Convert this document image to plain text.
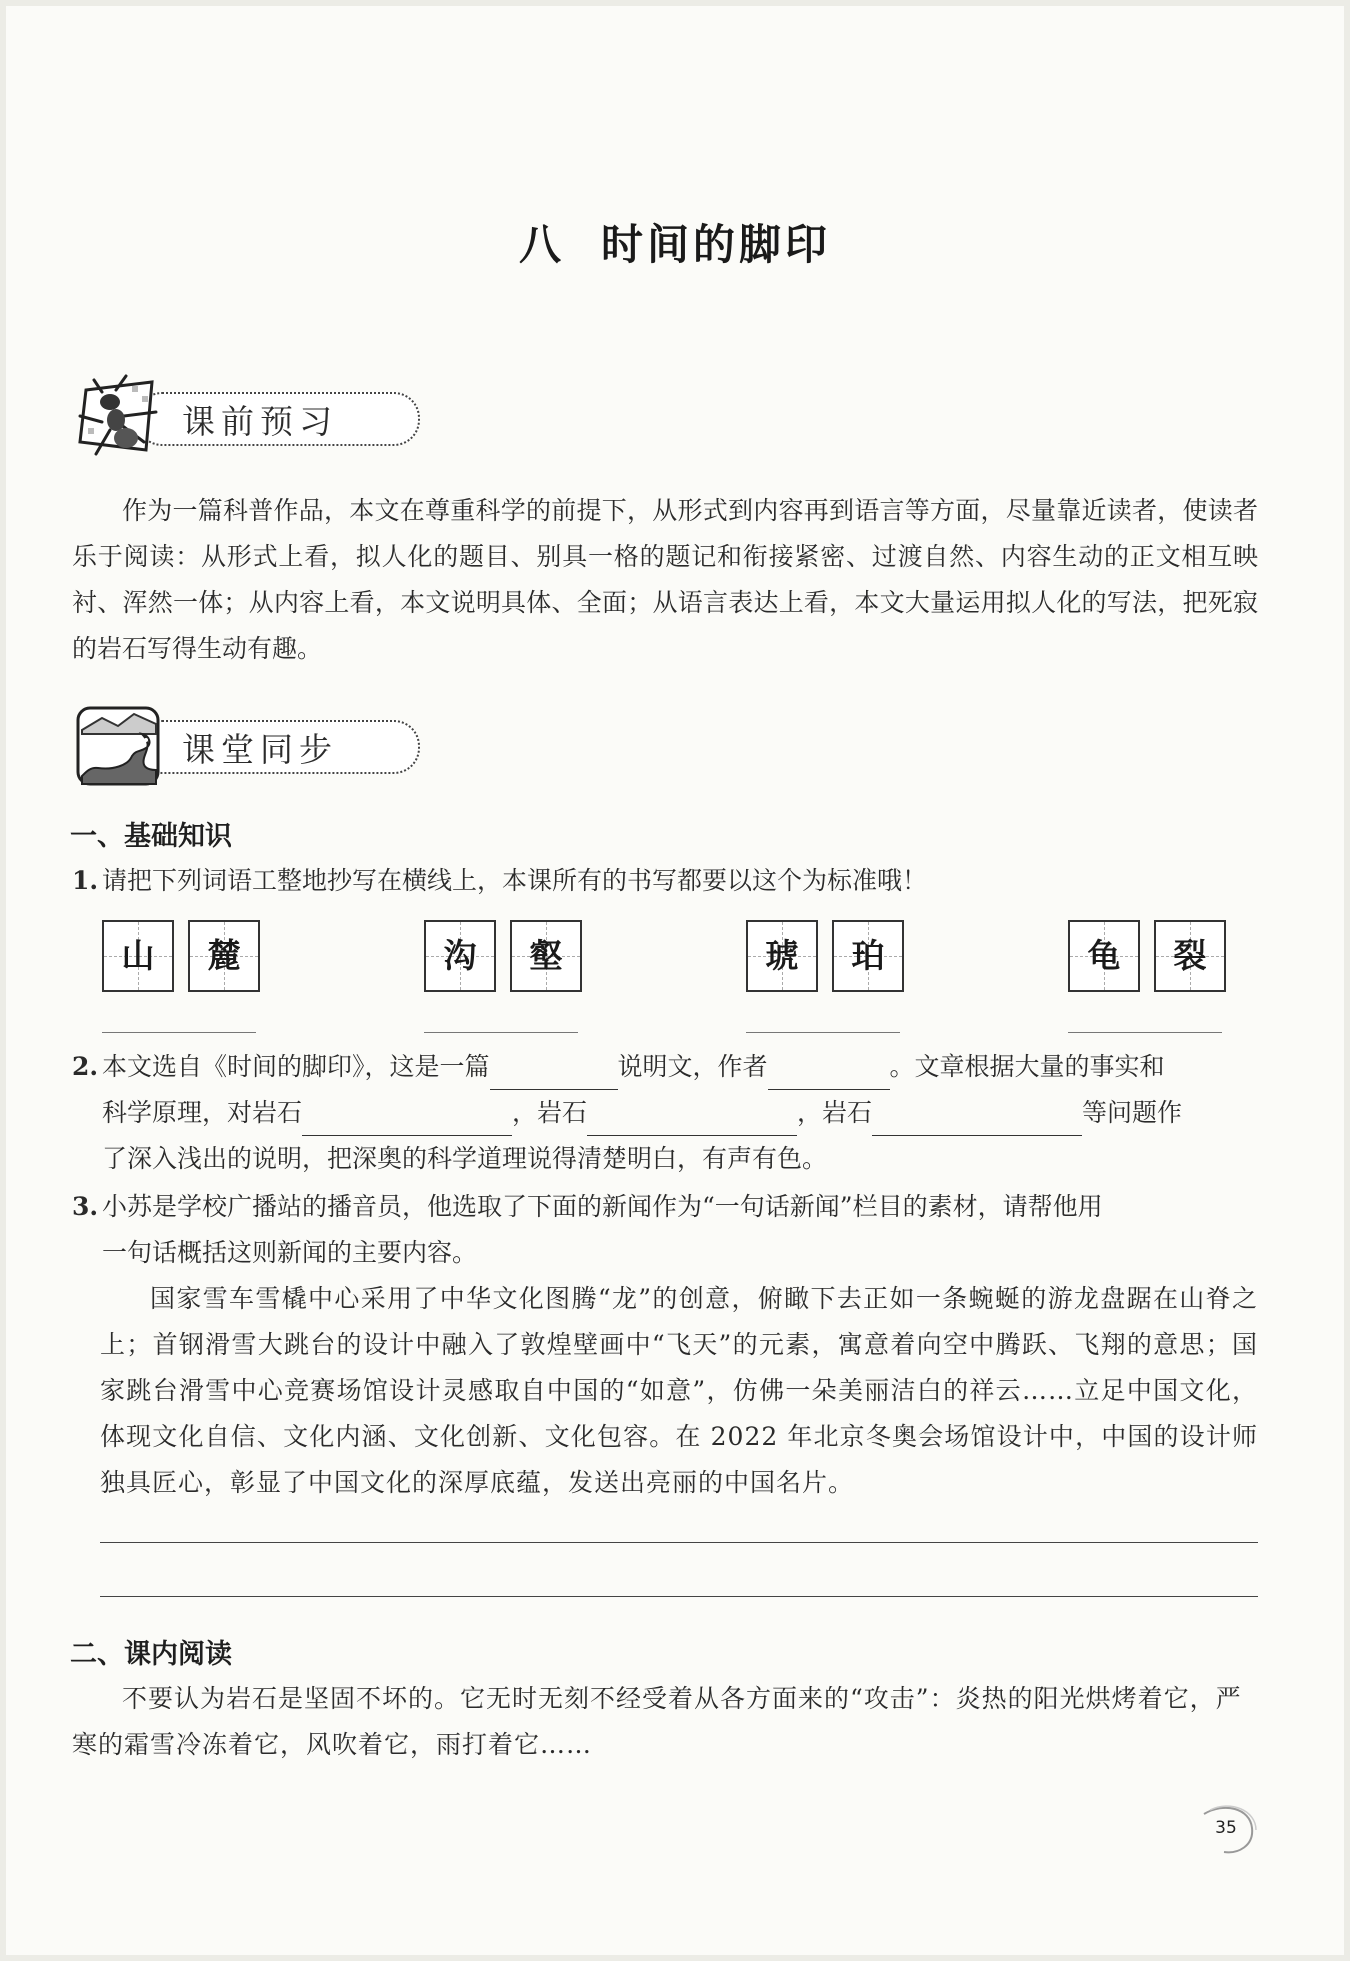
八 时间的脚印
课前预习
作为一篇科普作品，本文在尊重科学的前提下，从形式到内容再到语言等方面，尽量靠近读者，使读者乐于阅读：从形式上看，拟人化的题目、别具一格的题记和衔接紧密、过渡自然、内容生动的正文相互映衬、浑然一体；从内容上看，本文说明具体、全面；从语言表达上看，本文大量运用拟人化的写法，把死寂的岩石写得生动有趣。
课堂同步
一、基础知识
1. 请把下列词语工整地抄写在横线上，本课所有的书写都要以这个为标准哦！
山	麓	沟	壑	琥	珀	龟	裂
2. 本文选自《时间的脚印》，这是一篇	说明文，作者	。文章根据大量的事实和
科学原理，对岩石	，岩石	，岩石	等问题作
了深入浅出的说明，把深奥的科学道理说得清楚明白，有声有色。
3. 小苏是学校广播站的播音员，他选取了下面的新闻作为“一句话新闻”栏目的素材，请帮他用
一句话概括这则新闻的主要内容。
国家雪车雪橇中心采用了中华文化图腾“龙”的创意，俯瞰下去正如一条蜿蜒的游龙盘踞在山脊之上；首钢滑雪大跳台的设计中融入了敦煌壁画中“飞天”的元素，寓意着向空中腾跃、飞翔的意思；国家跳台滑雪中心竞赛场馆设计灵感取自中国的“如意”，仿佛一朵美丽洁白的祥云……立足中国文化，体现文化自信、文化内涵、文化创新、文化包容。在 2022 年北京冬奥会场馆设计中，中国的设计师独具匠心，彰显了中国文化的深厚底蕴，发送出亮丽的中国名片。
二、课内阅读
不要认为岩石是坚固不坏的。它无时无刻不经受着从各方面来的“攻击”：炎热的阳光烘烤着它，严寒的霜雪冷冻着它，风吹着它，雨打着它……
35
